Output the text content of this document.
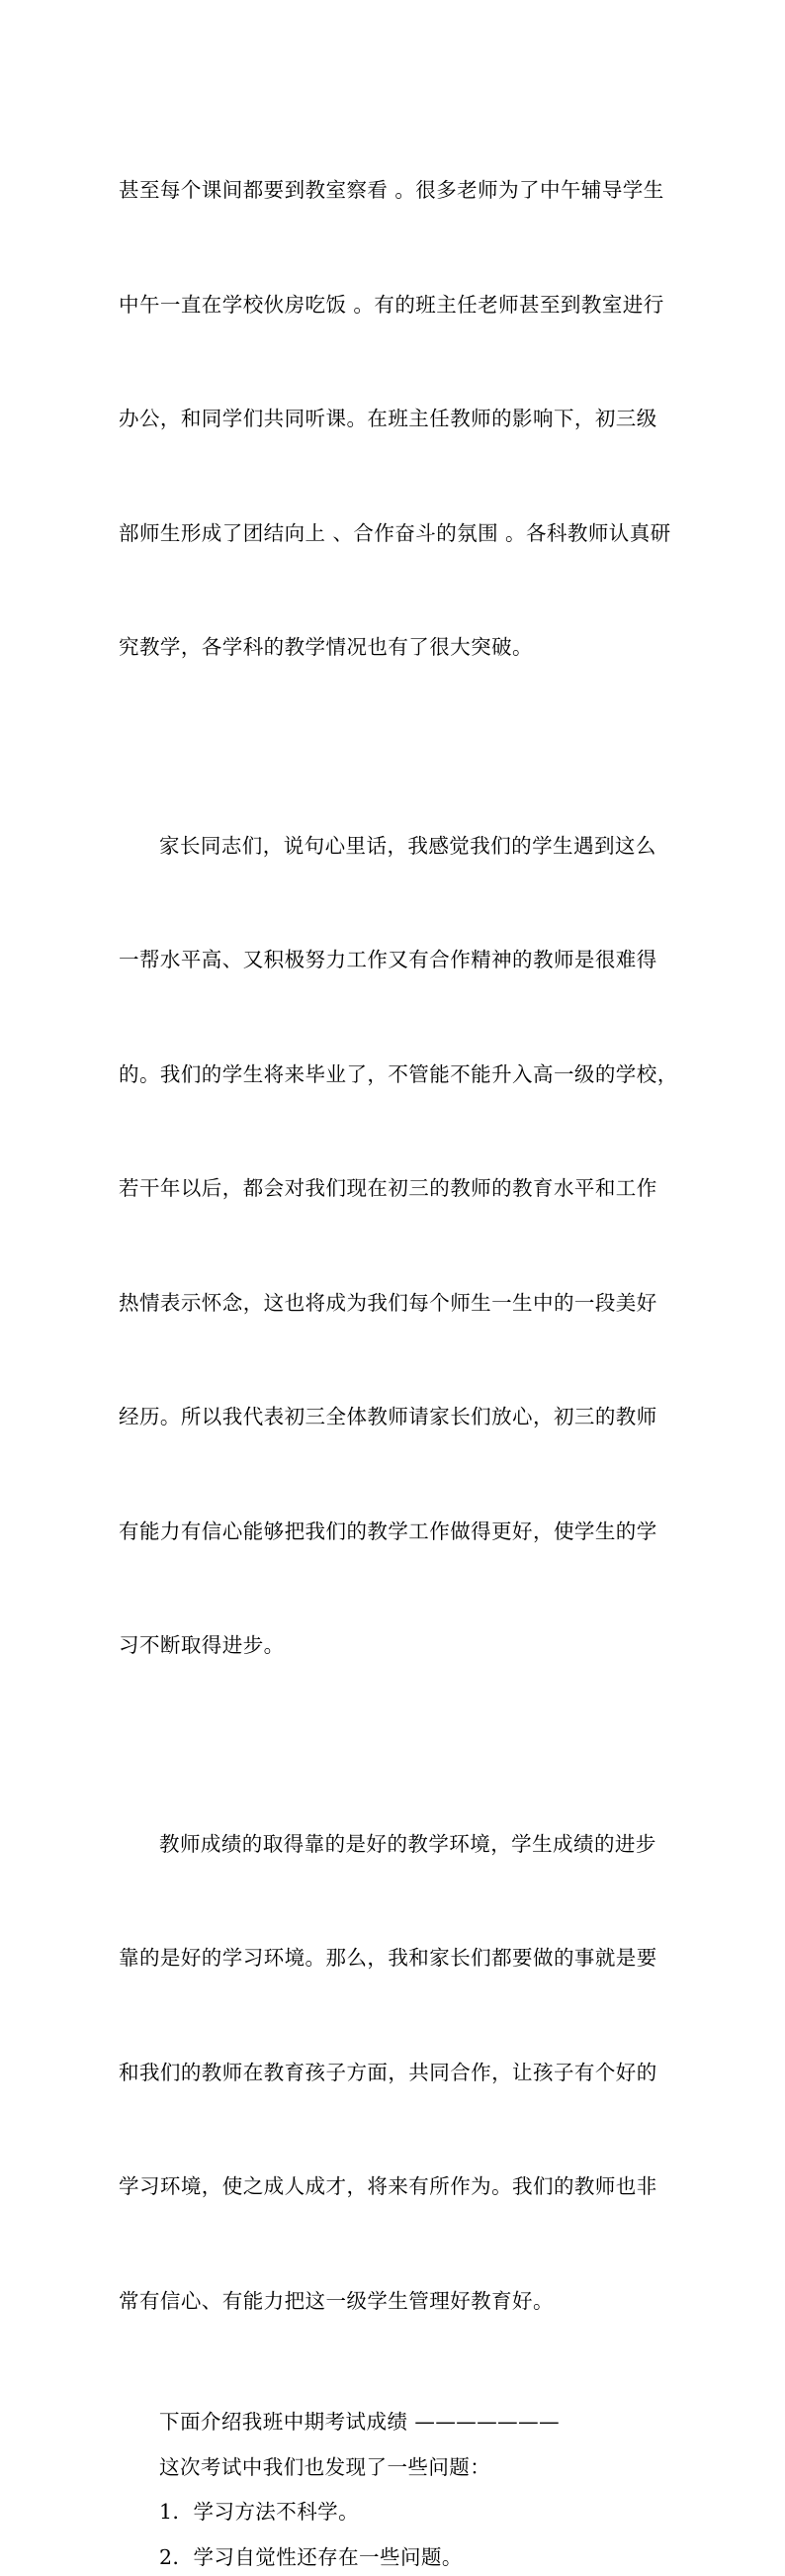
甚至每个课间都要到教室察看 。很多老师为了中午辅导学生

中午一直在学校伙房吃饭 。有的班主任老师甚至到教室进行

办公，和同学们共同听课。在班主任教师的影响下，初三级

部师生形成了团结向上 、合作奋斗的氛围 。各科教师认真研

究教学，各学科的教学情况也有了很大突破。

家长同志们，说句心里话，我感觉我们的学生遇到这么

一帮水平高、又积极努力工作又有合作精神的教师是很难得

的。我们的学生将来毕业了，不管能不能升入高一级的学校，

若干年以后，都会对我们现在初三的教师的教育水平和工作

热情表示怀念，这也将成为我们每个师生一生中的一段美好

经历。所以我代表初三全体教师请家长们放心，初三的教师

有能力有信心能够把我们的教学工作做得更好，使学生的学

习不断取得进步。

教师成绩的取得靠的是好的教学环境，学生成绩的进步

靠的是好的学习环境。那么，我和家长们都要做的事就是要

和我们的教师在教育孩子方面，共同合作，让孩子有个好的

学习环境，使之成人成才，将来有所作为。我们的教师也非

常有信心、有能力把这一级学生管理好教育好。

下面介绍我班中期考试成绩 ———————

这次考试中我们也发现了一些问题：

1．学习方法不科学。

2．学习自觉性还存在一些问题。
